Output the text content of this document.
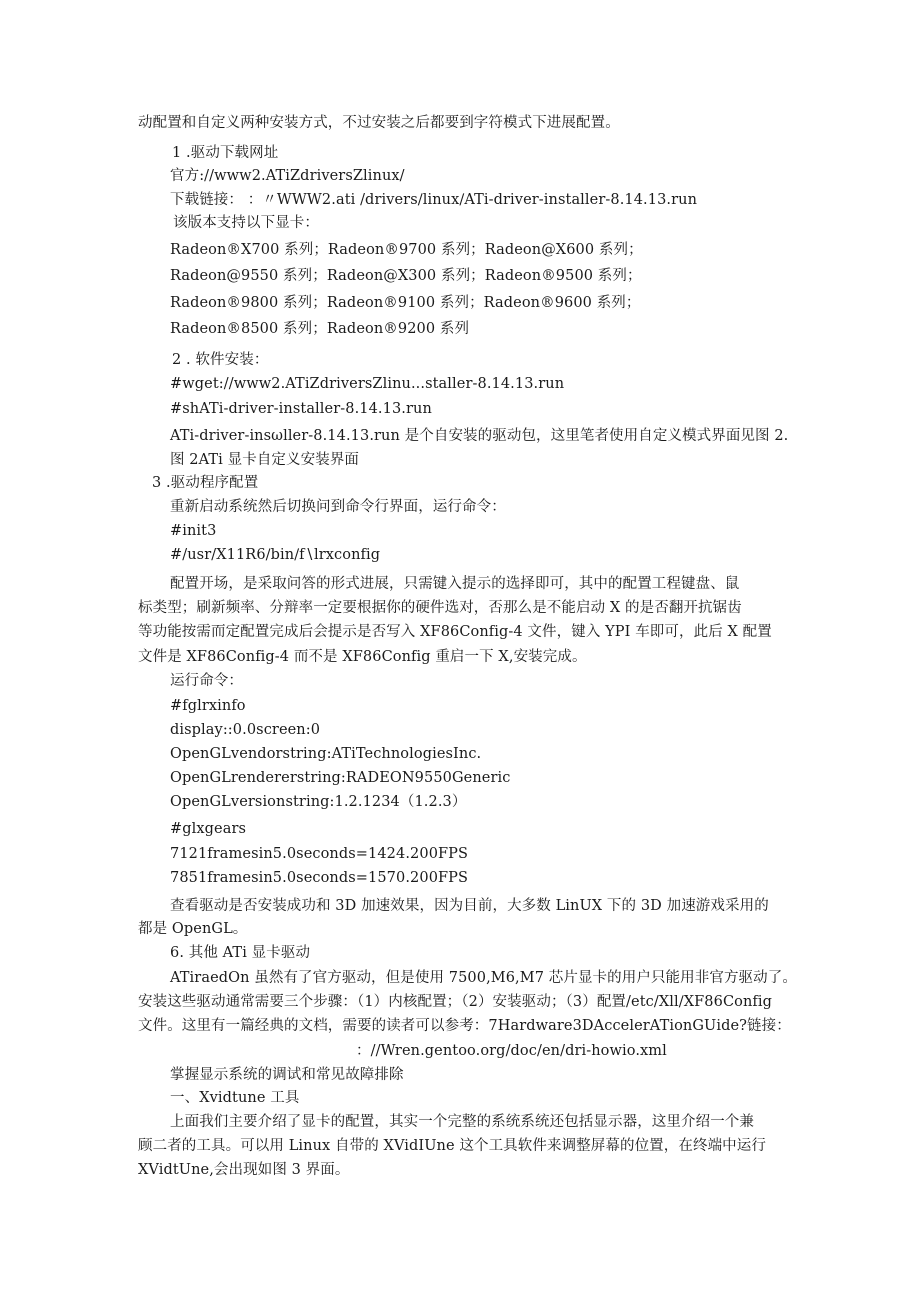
动配置和自定义两种安装方式，不过安装之后都要到字符模式下进展配置。
1 .驱动下载网址
官方://www2.ATiZdriversZlinux/
下载链接： ：〃WWW2.ati /drivers∕linux∕ATi-driver-installer-8.14.13.run
该版本支持以下显卡：
Radeon®X700 系列；Radeon®9700 系列；Radeon@X600 系列；
Radeon@9550 系列；Radeon@X300 系列；Radeon®9500 系列；
Radeon®9800 系列；Radeon®9100 系列；Radeon®9600 系列；
Radeon®8500 系列；Radeon®9200 系列
2 . 软件安装：
#wget://www2.ATiZdriversZlinu...staller-8.14.13.run
#shATi-driver-installer-8.14.13.run
ATi-driver-insωller-8.14.13.run 是个自安装的驱动包，这里笔者使用自定义模式界面见图 2.
图 2ATi 显卡自定义安装界面
3 .驱动程序配置
重新启动系统然后切换问到命令行界面，运行命令：
#init3
#/usr/X11R6∕bin∕f∖lrxconfig
配置开场，是采取问答的形式进展，只需键入提示的选择即可，其中的配置工程键盘、鼠
标类型；刷新频率、分辩率一定要根据你的硬件选对，否那么是不能启动 X 的是否翻开抗锯齿
等功能按需而定配置完成后会提示是否写入 XF86Config-4 文件，键入 YPI 车即可，此后 X 配置
文件是 XF86Config-4 而不是 XF86Config 重启一下 X,安装完成。
运行命令：
#fglrxinfo
display::0.0screen:0
OpenGLvendorstring:ATiTechnologiesInc.
OpenGLrendererstring:RADEON9550Generic
OpenGLversionstring:1.2.1234（1.2.3）
#glxgears
7121framesin5.0seconds=1424.200FPS
7851framesin5.0seconds=1570.200FPS
查看驱动是否安装成功和 3D 加速效果，因为目前，大多数 LinUX 下的 3D 加速游戏采用的
都是 OpenGL。
6. 其他 ATi 显卡驱动
ATiraedOn 虽然有了官方驱动，但是使用 7500,M6,M7 芯片显卡的用户只能用非官方驱动了。
安装这些驱动通常需要三个步骤：（1）内核配置；（2）安装驱动；（3）配置/etc/Xll∕XF86Config
文件。这里有一篇经典的文档，需要的读者可以参考：7Hardware3DAccelerATionGUide?链接：
：//Wren.gentoo.org/doc/en/dri-howio.xml
掌握显示系统的调试和常见故障排除
一、Xvidtune 工具
上面我们主要介绍了显卡的配置，其实一个完整的系统系统还包括显示器，这里介绍一个兼
顾二者的工具。可以用 Linux 自带的 XVidIUne 这个工具软件来调整屏幕的位置，在终端中运行
XVidtUne,会出现如图 3 界面。
